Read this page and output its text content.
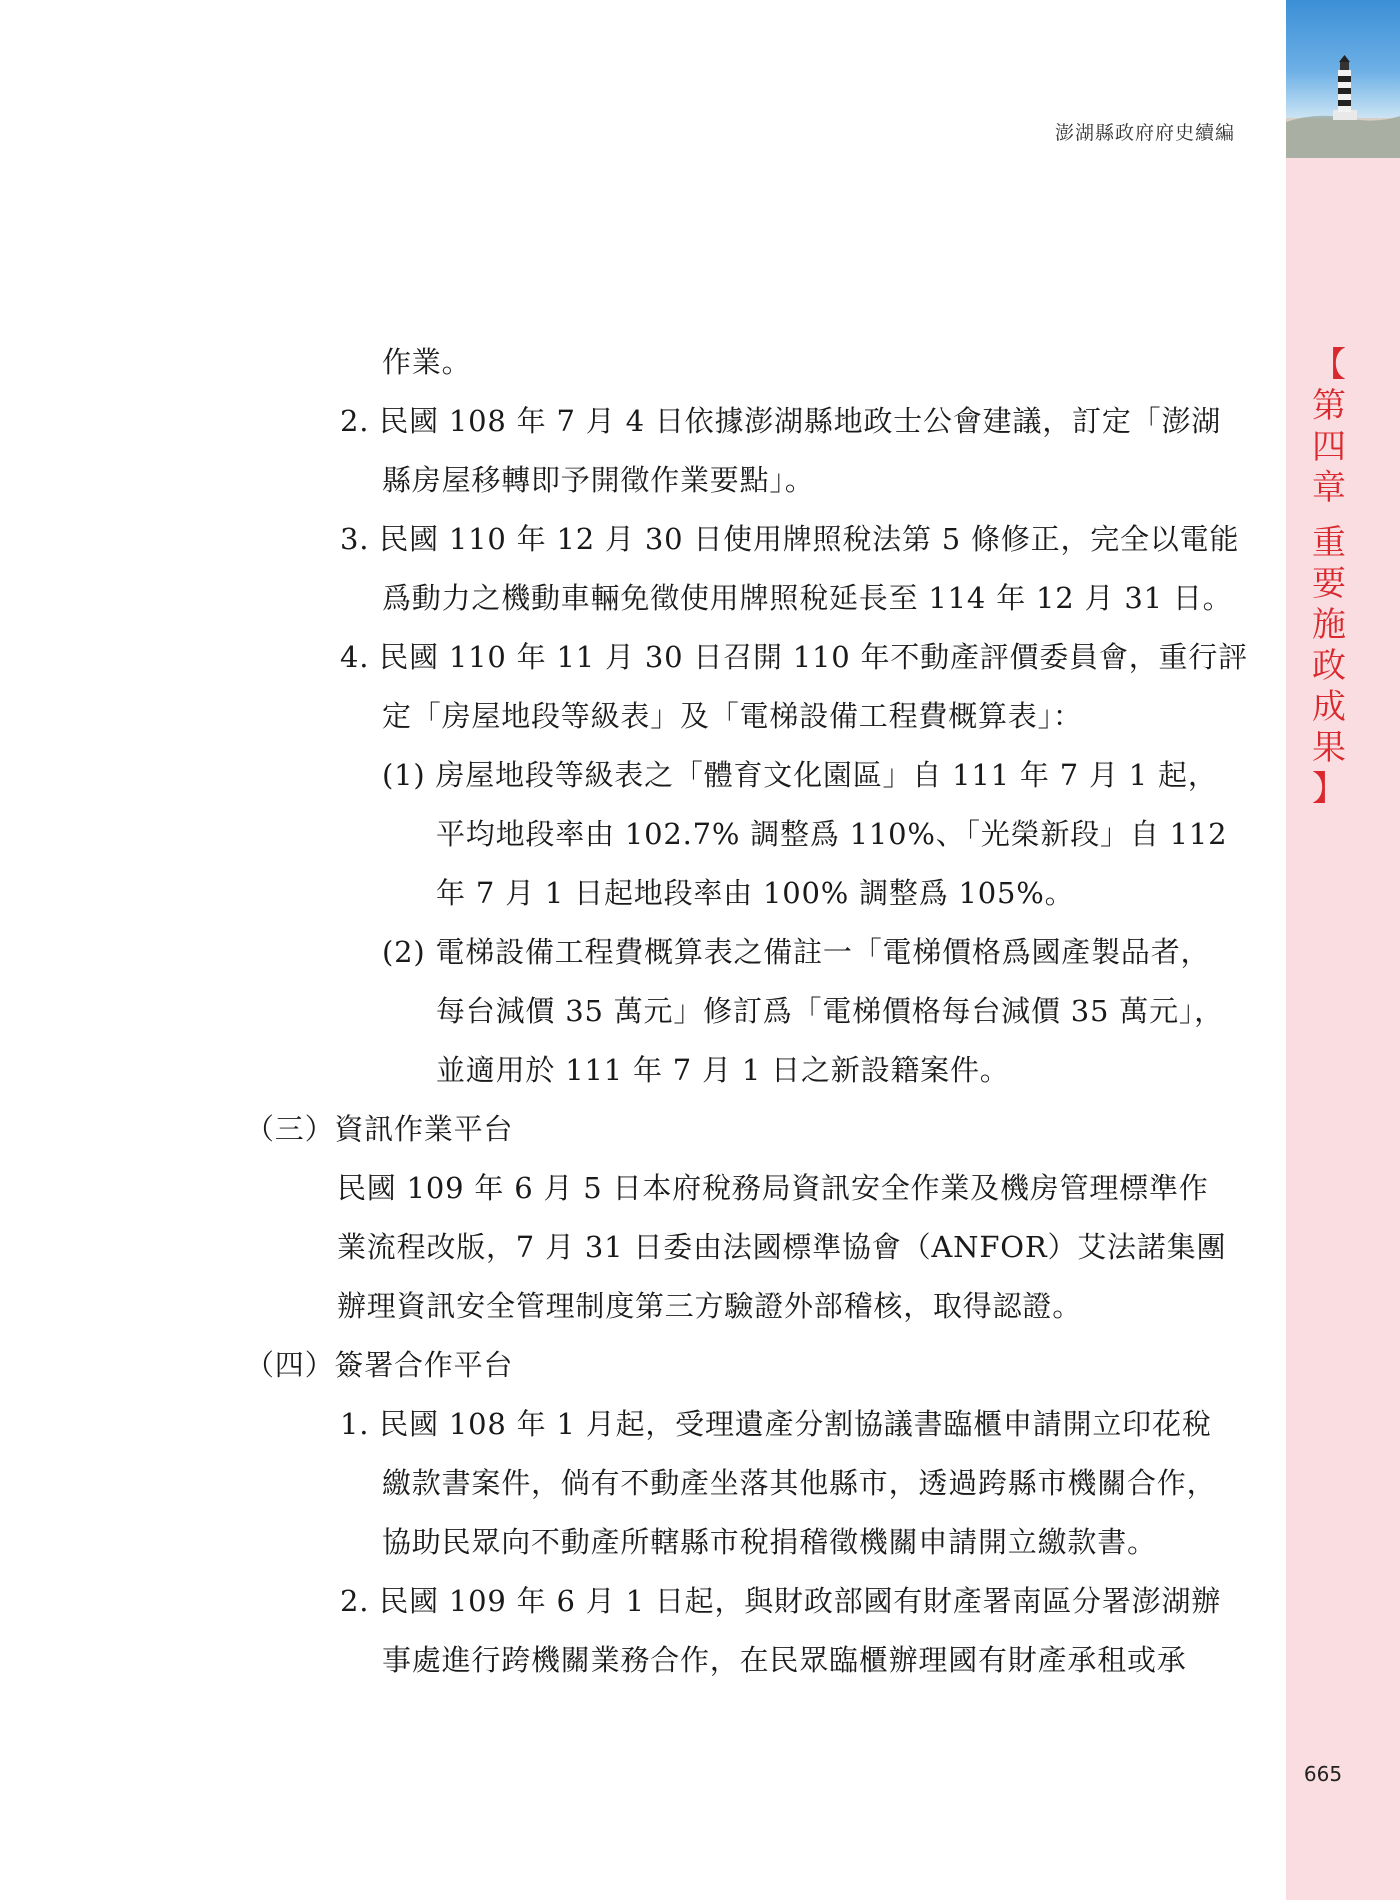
澎湖縣政府府史續編
【
第
四
章
重
要
施
政
成
果
】
作業。
2. 民國 108 年 7 月 4 日依據澎湖縣地政士公會建議，訂定「澎湖
縣房屋移轉即予開徵作業要點」。
3. 民國 110 年 12 月 30 日使用牌照稅法第 5 條修正，完全以電能
爲動力之機動車輛免徵使用牌照稅延長至 114 年 12 月 31 日。
4. 民國 110 年 11 月 30 日召開 110 年不動產評價委員會，重行評
定「房屋地段等級表」及「電梯設備工程費概算表」：
(1) 房屋地段等級表之「體育文化園區」自 111 年 7 月 1 起，
平均地段率由 102.7% 調整爲 110%、「光榮新段」自 112
年 7 月 1 日起地段率由 100% 調整爲 105%。
(2) 電梯設備工程費概算表之備註一「電梯價格爲國產製品者，
每台減價 35 萬元」修訂爲「電梯價格每台減價 35 萬元」，
並適用於 111 年 7 月 1 日之新設籍案件。
（三）資訊作業平台
民國 109 年 6 月 5 日本府稅務局資訊安全作業及機房管理標準作
業流程改版，7 月 31 日委由法國標準協會（ANFOR）艾法諾集團
辦理資訊安全管理制度第三方驗證外部稽核，取得認證。
（四）簽署合作平台
1. 民國 108 年 1 月起，受理遺產分割協議書臨櫃申請開立印花稅
繳款書案件，倘有不動產坐落其他縣市，透過跨縣市機關合作，
協助民眾向不動產所轄縣市稅捐稽徵機關申請開立繳款書。
2. 民國 109 年 6 月 1 日起，與財政部國有財產署南區分署澎湖辦
事處進行跨機關業務合作，在民眾臨櫃辦理國有財產承租或承
665
